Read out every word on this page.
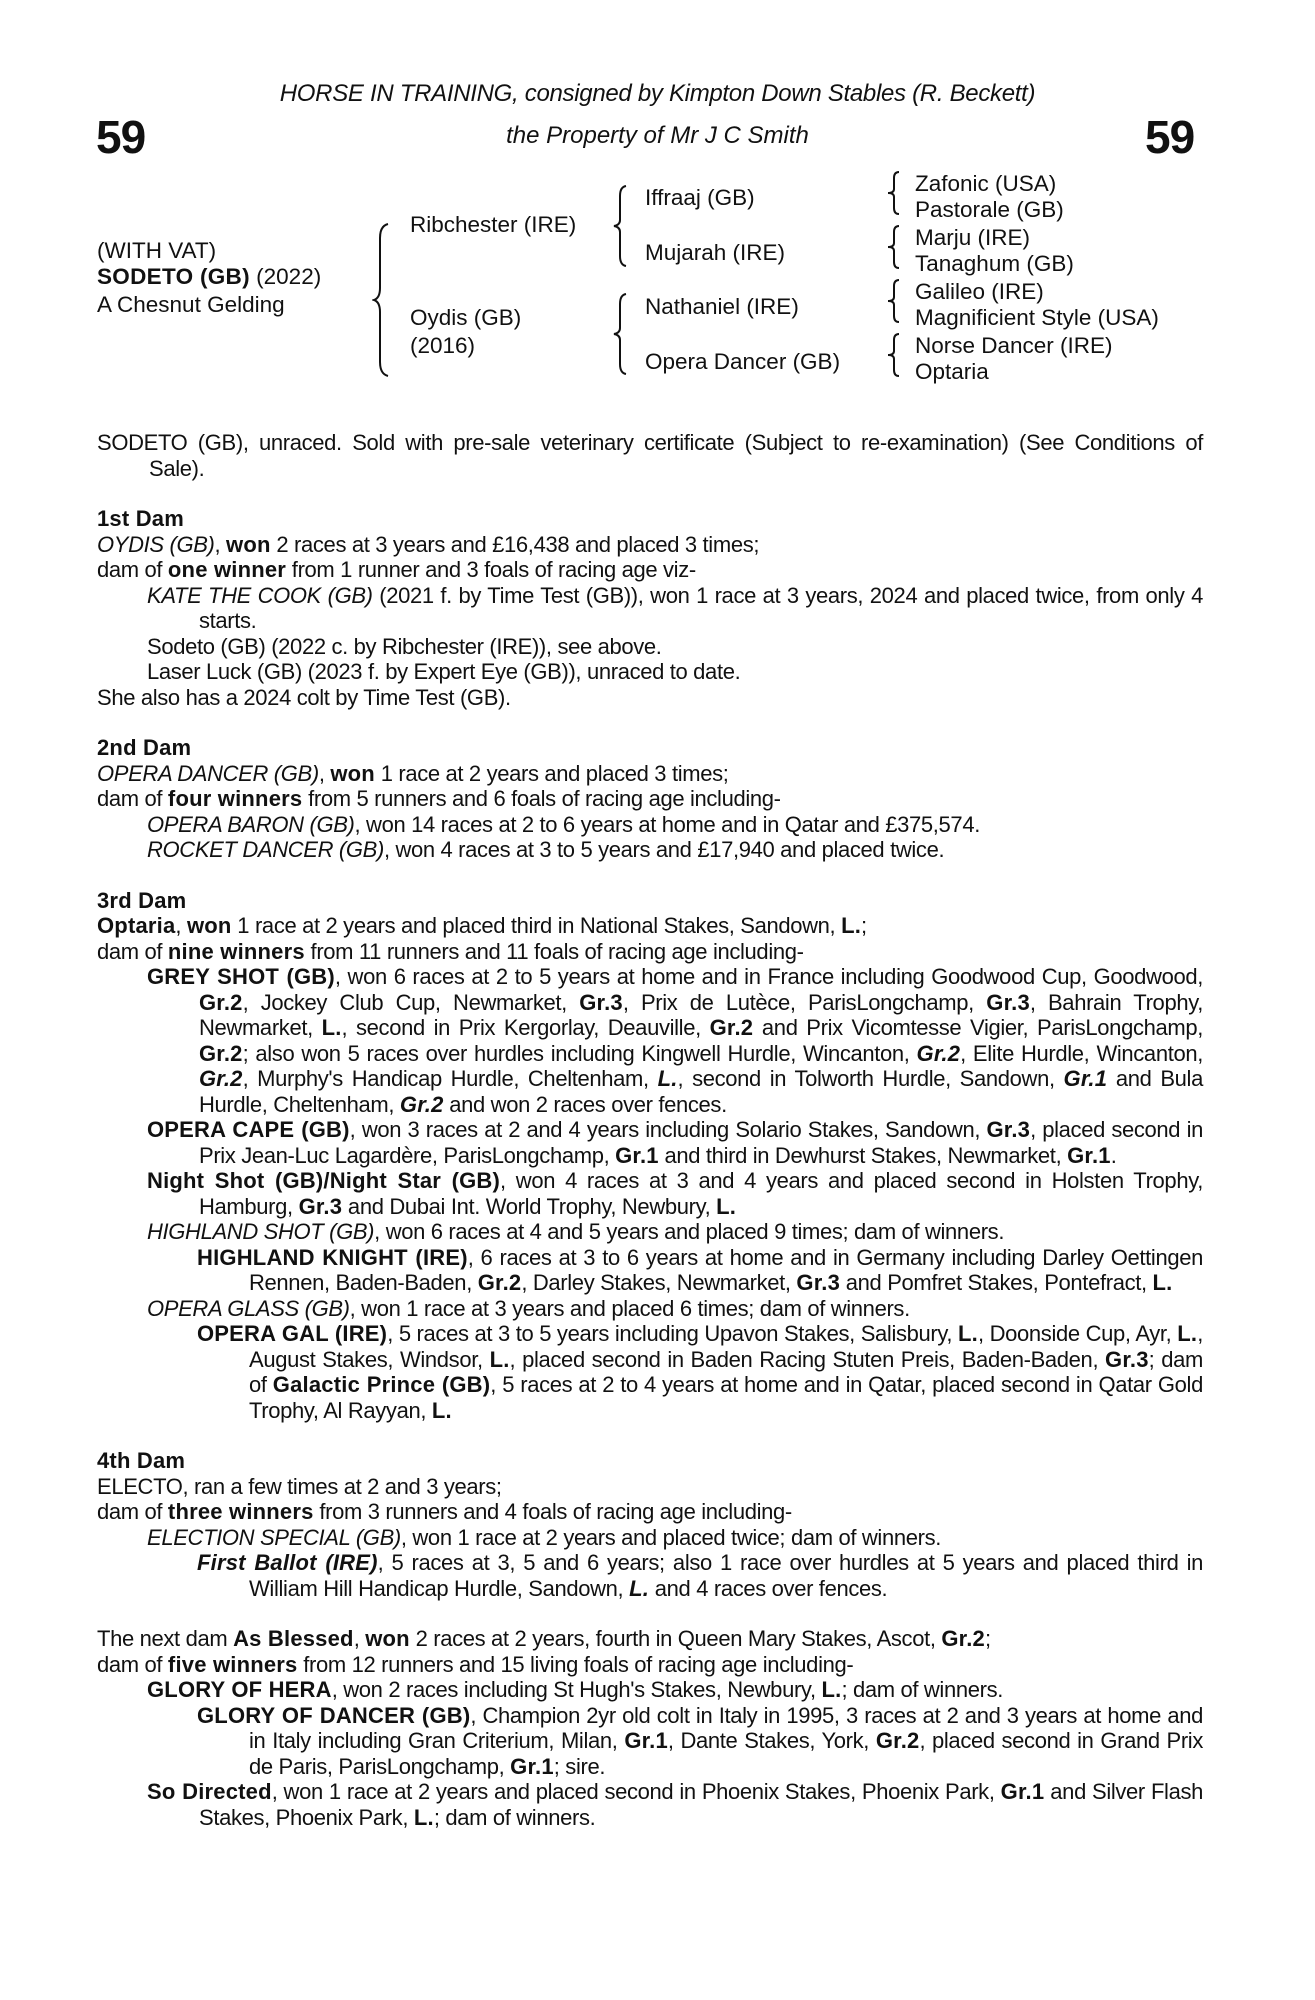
HORSE IN TRAINING, consigned by Kimpton Down Stables (R. Beckett)
the Property of Mr J C Smith
59	59
(WITH VAT)
SODETO (GB) (2022)
A Chesnut Gelding
Ribchester (IRE)
Oydis (GB)
(2016)
Iffraaj (GB)
Mujarah (IRE)
Nathaniel (IRE)
Opera Dancer (GB)
Zafonic (USA)
Pastorale (GB)
Marju (IRE)
Tanaghum (GB)
Galileo (IRE)
Magnificient Style (USA)
Norse Dancer (IRE)
Optaria

SODETO (GB), unraced. Sold with pre-sale veterinary certificate (Subject to re-examination) (See Conditions of Sale).

1st Dam

OYDIS (GB), won 2 races at 3 years and £16,438 and placed 3 times;

dam of one winner from 1 runner and 3 foals of racing age viz-

KATE THE COOK (GB) (2021 f. by Time Test (GB)), won 1 race at 3 years, 2024 and placed twice, from only 4 starts.

Sodeto (GB) (2022 c. by Ribchester (IRE)), see above.

Laser Luck (GB) (2023 f. by Expert Eye (GB)), unraced to date.

She also has a 2024 colt by Time Test (GB).

2nd Dam

OPERA DANCER (GB), won 1 race at 2 years and placed 3 times;

dam of four winners from 5 runners and 6 foals of racing age including-

OPERA BARON (GB), won 14 races at 2 to 6 years at home and in Qatar and £375,574.

ROCKET DANCER (GB), won 4 races at 3 to 5 years and £17,940 and placed twice.

3rd Dam

Optaria, won 1 race at 2 years and placed third in National Stakes, Sandown, L.;

dam of nine winners from 11 runners and 11 foals of racing age including-

GREY SHOT (GB), won 6 races at 2 to 5 years at home and in France including Goodwood Cup, Goodwood, Gr.2, Jockey Club Cup, Newmarket, Gr.3, Prix de Lutèce, ParisLongchamp, Gr.3, Bahrain Trophy, Newmarket, L., second in Prix Kergorlay, Deauville, Gr.2 and Prix Vicomtesse Vigier, ParisLongchamp, Gr.2; also won 5 races over hurdles including Kingwell Hurdle, Wincanton, Gr.2, Elite Hurdle, Wincanton, Gr.2, Murphy's Handicap Hurdle, Cheltenham, L., second in Tolworth Hurdle, Sandown, Gr.1 and Bula Hurdle, Cheltenham, Gr.2 and won 2 races over fences.

OPERA CAPE (GB), won 3 races at 2 and 4 years including Solario Stakes, Sandown, Gr.3, placed second in Prix Jean-Luc Lagardère, ParisLongchamp, Gr.1 and third in Dewhurst Stakes, Newmarket, Gr.1.

Night Shot (GB)/Night Star (GB), won 4 races at 3 and 4 years and placed second in Holsten Trophy, Hamburg, Gr.3 and Dubai Int. World Trophy, Newbury, L.

HIGHLAND SHOT (GB), won 6 races at 4 and 5 years and placed 9 times; dam of winners.

HIGHLAND KNIGHT (IRE), 6 races at 3 to 6 years at home and in Germany including Darley Oettingen Rennen, Baden-Baden, Gr.2, Darley Stakes, Newmarket, Gr.3 and Pomfret Stakes, Pontefract, L.

OPERA GLASS (GB), won 1 race at 3 years and placed 6 times; dam of winners.

OPERA GAL (IRE), 5 races at 3 to 5 years including Upavon Stakes, Salisbury, L., Doonside Cup, Ayr, L., August Stakes, Windsor, L., placed second in Baden Racing Stuten Preis, Baden-Baden, Gr.3; dam of Galactic Prince (GB), 5 races at 2 to 4 years at home and in Qatar, placed second in Qatar Gold Trophy, Al Rayyan, L.

4th Dam

ELECTO, ran a few times at 2 and 3 years;

dam of three winners from 3 runners and 4 foals of racing age including-

ELECTION SPECIAL (GB), won 1 race at 2 years and placed twice; dam of winners.

First Ballot (IRE), 5 races at 3, 5 and 6 years; also 1 race over hurdles at 5 years and placed third in William Hill Handicap Hurdle, Sandown, L. and 4 races over fences.

The next dam As Blessed, won 2 races at 2 years, fourth in Queen Mary Stakes, Ascot, Gr.2;

dam of five winners from 12 runners and 15 living foals of racing age including-

GLORY OF HERA, won 2 races including St Hugh's Stakes, Newbury, L.; dam of winners.

GLORY OF DANCER (GB), Champion 2yr old colt in Italy in 1995, 3 races at 2 and 3 years at home and in Italy including Gran Criterium, Milan, Gr.1, Dante Stakes, York, Gr.2, placed second in Grand Prix de Paris, ParisLongchamp, Gr.1; sire.

So Directed, won 1 race at 2 years and placed second in Phoenix Stakes, Phoenix Park, Gr.1 and Silver Flash Stakes, Phoenix Park, L.; dam of winners.
